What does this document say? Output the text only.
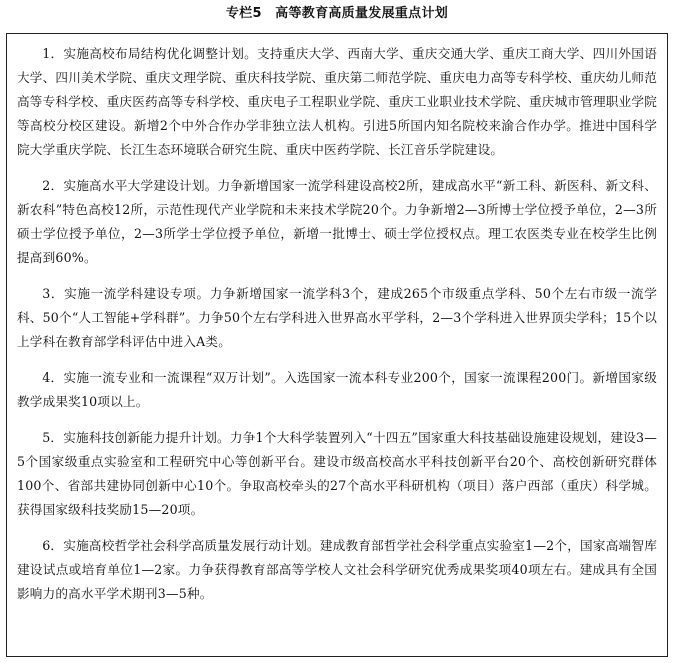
专栏5　高等教育高质量发展重点计划

1．实施高校布局结构优化调整计划。支持重庆大学、西南大学、重庆交通大学、重庆工商大学、四川外国语大学、四川美术学院、重庆文理学院、重庆科技学院、重庆第二师范学院、重庆电力高等专科学校、重庆幼儿师范高等专科学校、重庆医药高等专科学校、重庆电子工程职业学院、重庆工业职业技术学院、重庆城市管理职业学院等高校分校区建设。新增2个中外合作办学非独立法人机构。引进5所国内知名院校来渝合作办学。推进中国科学院大学重庆学院、长江生态环境联合研究生院、重庆中医药学院、长江音乐学院建设。

2．实施高水平大学建设计划。力争新增国家一流学科建设高校2所，建成高水平“新工科、新医科、新文科、新农科”特色高校12所，示范性现代产业学院和未来技术学院20个。力争新增2—3所博士学位授予单位，2—3所硕士学位授予单位，2—3所学士学位授予单位，新增一批博士、硕士学位授权点。理工农医类专业在校学生比例提高到60%。

3．实施一流学科建设专项。力争新增国家一流学科3个，建成265个市级重点学科、50个左右市级一流学科、50个“人工智能+学科群”。力争50个左右学科进入世界高水平学科，2—3个学科进入世界顶尖学科；15个以上学科在教育部学科评估中进入A类。

4．实施一流专业和一流课程“双万计划”。入选国家一流本科专业200个，国家一流课程200门。新增国家级教学成果奖10项以上。

5．实施科技创新能力提升计划。力争1个大科学装置列入“十四五”国家重大科技基础设施建设规划，建设3—5个国家级重点实验室和工程研究中心等创新平台。建设市级高校高水平科技创新平台20个、高校创新研究群体100个、省部共建协同创新中心10个。争取高校牵头的27个高水平科研机构（项目）落户西部（重庆）科学城。获得国家级科技奖励15—20项。

6．实施高校哲学社会科学高质量发展行动计划。建成教育部哲学社会科学重点实验室1—2个，国家高端智库建设试点或培育单位1—2家。力争获得教育部高等学校人文社会科学研究优秀成果奖项40项左右。建成具有全国影响力的高水平学术期刊3—5种。
